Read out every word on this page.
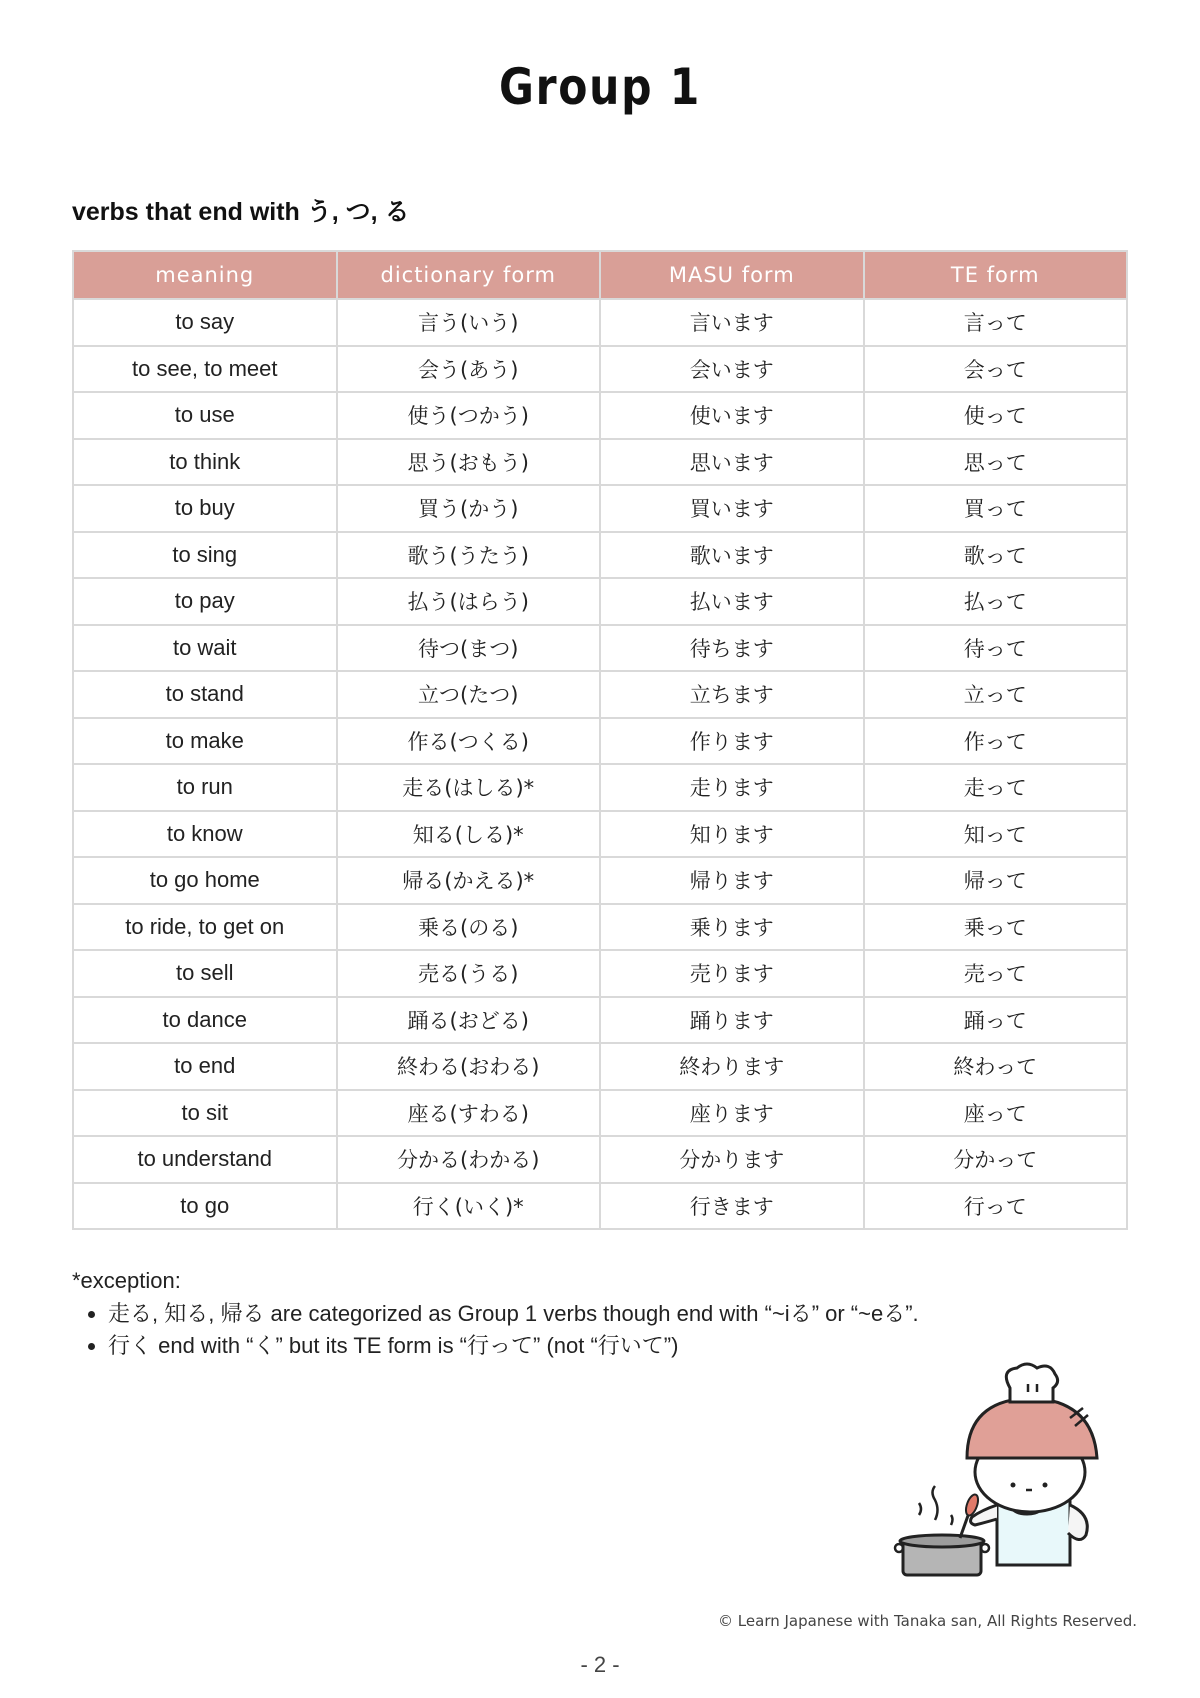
Group 1
verbs that end with う, つ, る
meaning	dictionary form	MASU form	TE form
to say	言う(いう)	言います	言って
to see, to meet	会う(あう)	会います	会って
to use	使う(つかう)	使います	使って
to think	思う(おもう)	思います	思って
to buy	買う(かう)	買います	買って
to sing	歌う(うたう)	歌います	歌って
to pay	払う(はらう)	払います	払って
to wait	待つ(まつ)	待ちます	待って
to stand	立つ(たつ)	立ちます	立って
to make	作る(つくる)	作ります	作って
to run	走る(はしる)*	走ります	走って
to know	知る(しる)*	知ります	知って
to go home	帰る(かえる)*	帰ります	帰って
to ride, to get on	乗る(のる)	乗ります	乗って
to sell	売る(うる)	売ります	売って
to dance	踊る(おどる)	踊ります	踊って
to end	終わる(おわる)	終わります	終わって
to sit	座る(すわる)	座ります	座って
to understand	分かる(わかる)	分かります	分かって
to go	行く(いく)*	行きます	行って
*exception:
• 走る, 知る, 帰る are categorized as Group 1 verbs though end with “~iる” or “~eる”.
• 行く end with “く” but its TE form is “行って” (not “行いて”)
© Learn Japanese with Tanaka san, All Rights Reserved.
- 2 -
